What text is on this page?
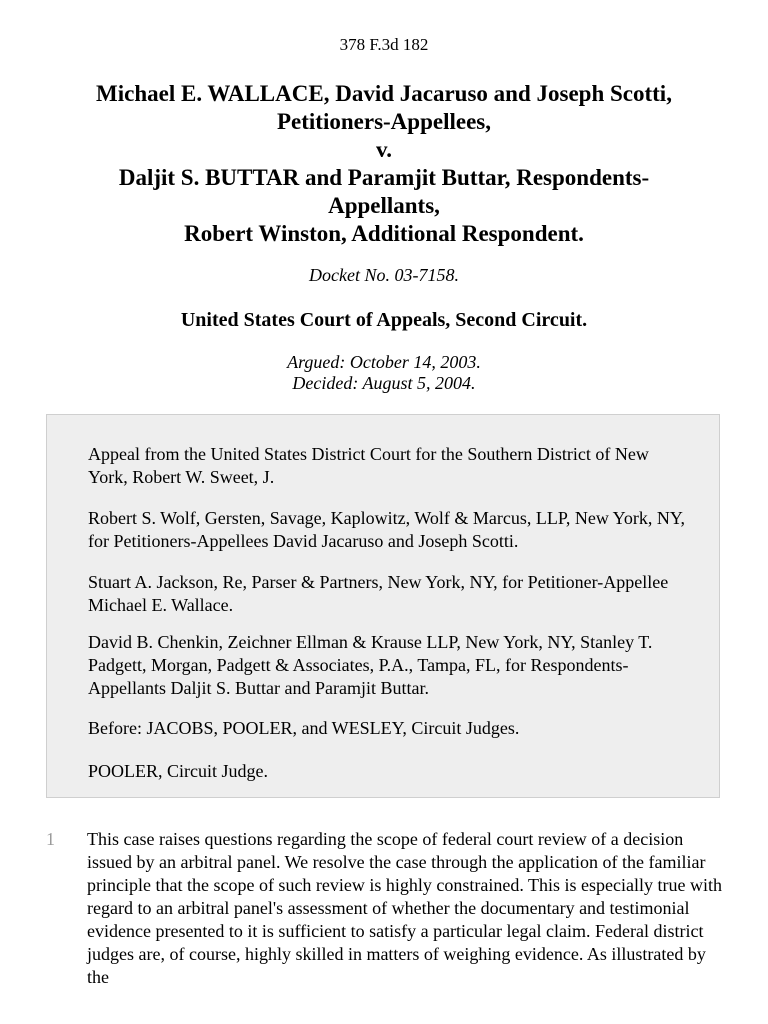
378 F.3d 182
Michael E. WALLACE, David Jacaruso and Joseph Scotti,
Petitioners-Appellees,
v.
Daljit S. BUTTAR and Paramjit Buttar, Respondents-
Appellants,
Robert Winston, Additional Respondent.
Docket No. 03-7158.
United States Court of Appeals, Second Circuit.
Argued: October 14, 2003.
Decided: August 5, 2004.

Appeal from the United States District Court for the Southern District of New York, Robert W. Sweet, J.

Robert S. Wolf, Gersten, Savage, Kaplowitz, Wolf & Marcus, LLP, New York, NY, for Petitioners-Appellees David Jacaruso and Joseph Scotti.

Stuart A. Jackson, Re, Parser & Partners, New York, NY, for Petitioner-Appellee Michael E. Wallace.

David B. Chenkin, Zeichner Ellman & Krause LLP, New York, NY, Stanley T. Padgett, Morgan, Padgett & Associates, P.A., Tampa, FL, for Respondents-Appellants Daljit S. Buttar and Paramjit Buttar.

Before: JACOBS, POOLER, and WESLEY, Circuit Judges.

POOLER, Circuit Judge.

1 This case raises questions regarding the scope of federal court review of a decision issued by an arbitral panel. We resolve the case through the application of the familiar principle that the scope of such review is highly constrained. This is especially true with regard to an arbitral panel's assessment of whether the documentary and testimonial evidence presented to it is sufficient to satisfy a particular legal claim. Federal district judges are, of course, highly skilled in matters of weighing evidence. As illustrated by the
